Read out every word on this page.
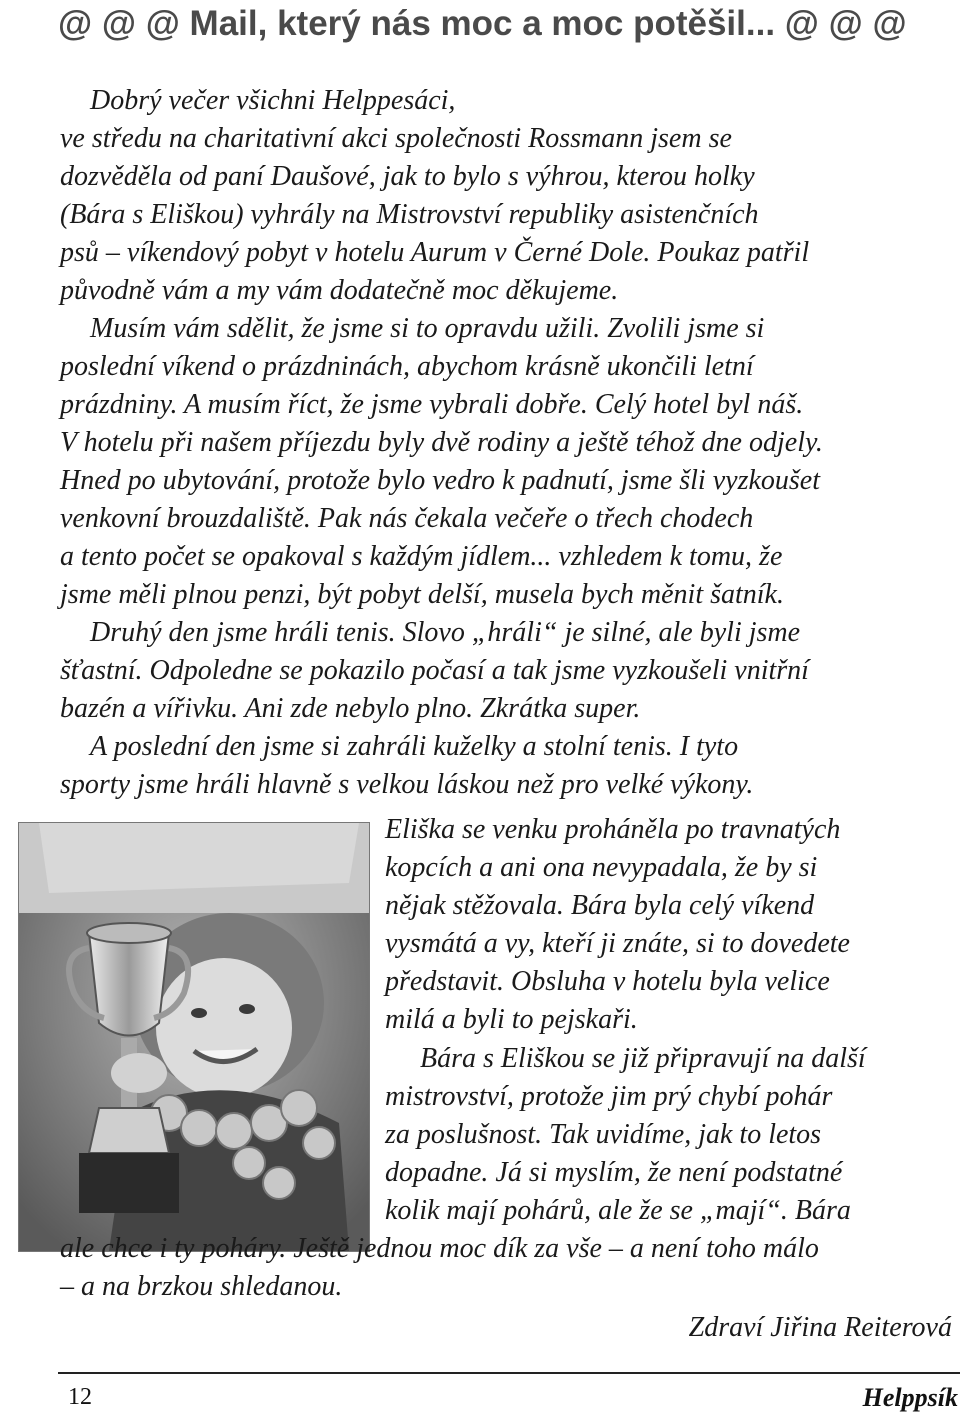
@ @ @ Mail, který nás moc a moc potěšil... @ @ @
Dobrý večer všichni Helppesáci,
ve středu na charitativní akci společnosti Rossmann jsem se
dozvěděla od paní Daušové, jak to bylo s výhrou, kterou holky
(Bára s Eliškou) vyhrály na Mistrovství republiky asistenčních
psů – víkendový pobyt v hotelu Aurum v Černé Dole. Poukaz patřil
původně vám a my vám dodatečně moc děkujeme.
Musím vám sdělit, že jsme si to opravdu užili. Zvolili jsme si
poslední víkend o prázdninách, abychom krásně ukončili letní
prázdniny. A musím říct, že jsme vybrali dobře. Celý hotel byl náš.
V hotelu při našem příjezdu byly dvě rodiny a ještě téhož dne odjely.
Hned po ubytování, protože bylo vedro k padnutí, jsme šli vyzkoušet
venkovní brouzdaliště. Pak nás čekala večeře o třech chodech
a tento počet se opakoval s každým jídlem... vzhledem k tomu, že
jsme měli plnou penzi, být pobyt delší, musela bych měnit šatník.
Druhý den jsme hráli tenis. Slovo „hráli“ je silné, ale byli jsme
šťastní. Odpoledne se pokazilo počasí a tak jsme vyzkoušeli vnitřní
bazén a vířivku. Ani zde nebylo plno. Zkrátka super.
A poslední den jsme si zahráli kuželky a stolní tenis. I tyto
sporty jsme hráli hlavně s velkou láskou než pro velké výkony.
Eliška se venku proháněla po travnatých
kopcích a ani ona nevypadala, že by si
nějak stěžovala. Bára byla celý víkend
vysmátá a vy, kteří ji znáte, si to dovedete
představit. Obsluha v hotelu byla velice
milá a byli to pejskaři.
Bára s Eliškou se již připravují na další
mistrovství, protože jim prý chybí pohár
za poslušnost. Tak uvidíme, jak to letos
dopadne. Já si myslím, že není podstatné
kolik mají pohárů, ale že se „mají“. Bára
ale chce i ty poháry. Ještě jednou moc dík za vše – a není toho málo
– a na brzkou shledanou.
Zdraví Jiřina Reiterová
12	Helppsík
